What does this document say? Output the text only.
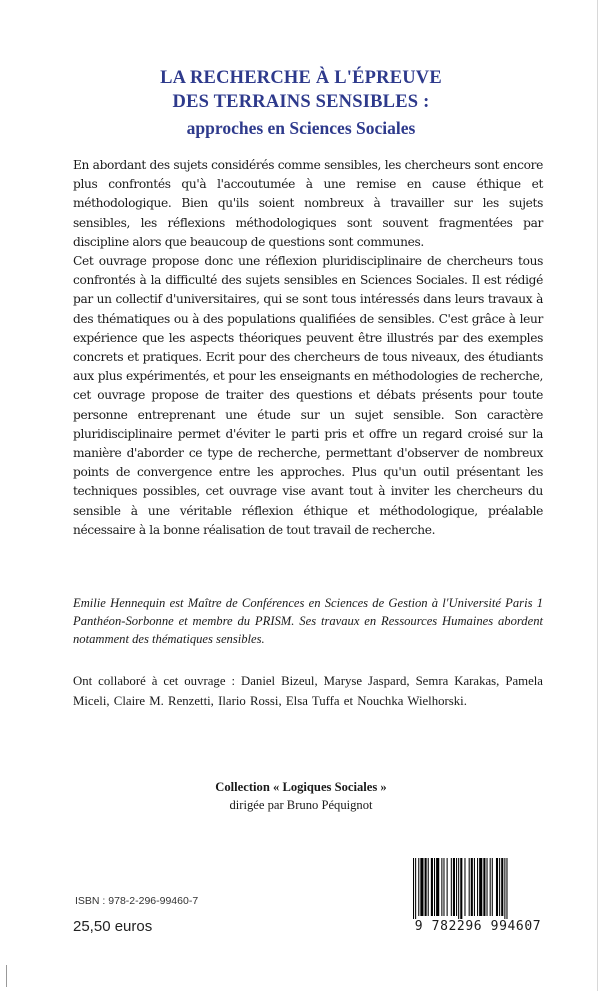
LA RECHERCHE À L'ÉPREUVE
DES TERRAINS SENSIBLES :
approches en Sciences Sociales

En abordant des sujets considérés comme sensibles, les chercheurs sont encore plus confrontés qu'à l'accoutumée à une remise en cause éthique et méthodologique. Bien qu'ils soient nombreux à travailler sur les sujets sensibles, les réflexions méthodologiques sont souvent fragmentées par discipline alors que beaucoup de questions sont communes.

Cet ouvrage propose donc une réflexion pluridisciplinaire de chercheurs tous confrontés à la difficulté des sujets sensibles en Sciences Sociales. Il est rédigé par un collectif d'universitaires, qui se sont tous intéressés dans leurs travaux à des thématiques ou à des populations qualifiées de sensibles. C'est grâce à leur expérience que les aspects théoriques peuvent être illustrés par des exemples concrets et pratiques. Ecrit pour des chercheurs de tous niveaux, des étudiants aux plus expérimentés, et pour les enseignants en méthodologies de recherche, cet ouvrage propose de traiter des questions et débats présents pour toute personne entreprenant une étude sur un sujet sensible. Son caractère pluridisciplinaire permet d'éviter le parti pris et offre un regard croisé sur la manière d'aborder ce type de recherche, permettant d'observer de nombreux points de convergence entre les approches. Plus qu'un outil présentant les techniques possibles, cet ouvrage vise avant tout à inviter les chercheurs du sensible à une véritable réflexion éthique et méthodologique, préalable nécessaire à la bonne réalisation de tout travail de recherche.

Emilie Hennequin est Maître de Conférences en Sciences de Gestion à l'Université Paris 1 Panthéon-Sorbonne et membre du PRISM. Ses travaux en Ressources Humaines abordent notamment des thématiques sensibles.
Ont collaboré à cet ouvrage : Daniel Bizeul, Maryse Jaspard, Semra Karakas, Pamela Miceli, Claire M. Renzetti, Ilario Rossi, Elsa Tuffa et Nouchka Wielhorski.
Collection « Logiques Sociales »
dirigée par Bruno Péquignot
ISBN : 978-2-296-99460-7
25,50 euros	9 782296 994607
